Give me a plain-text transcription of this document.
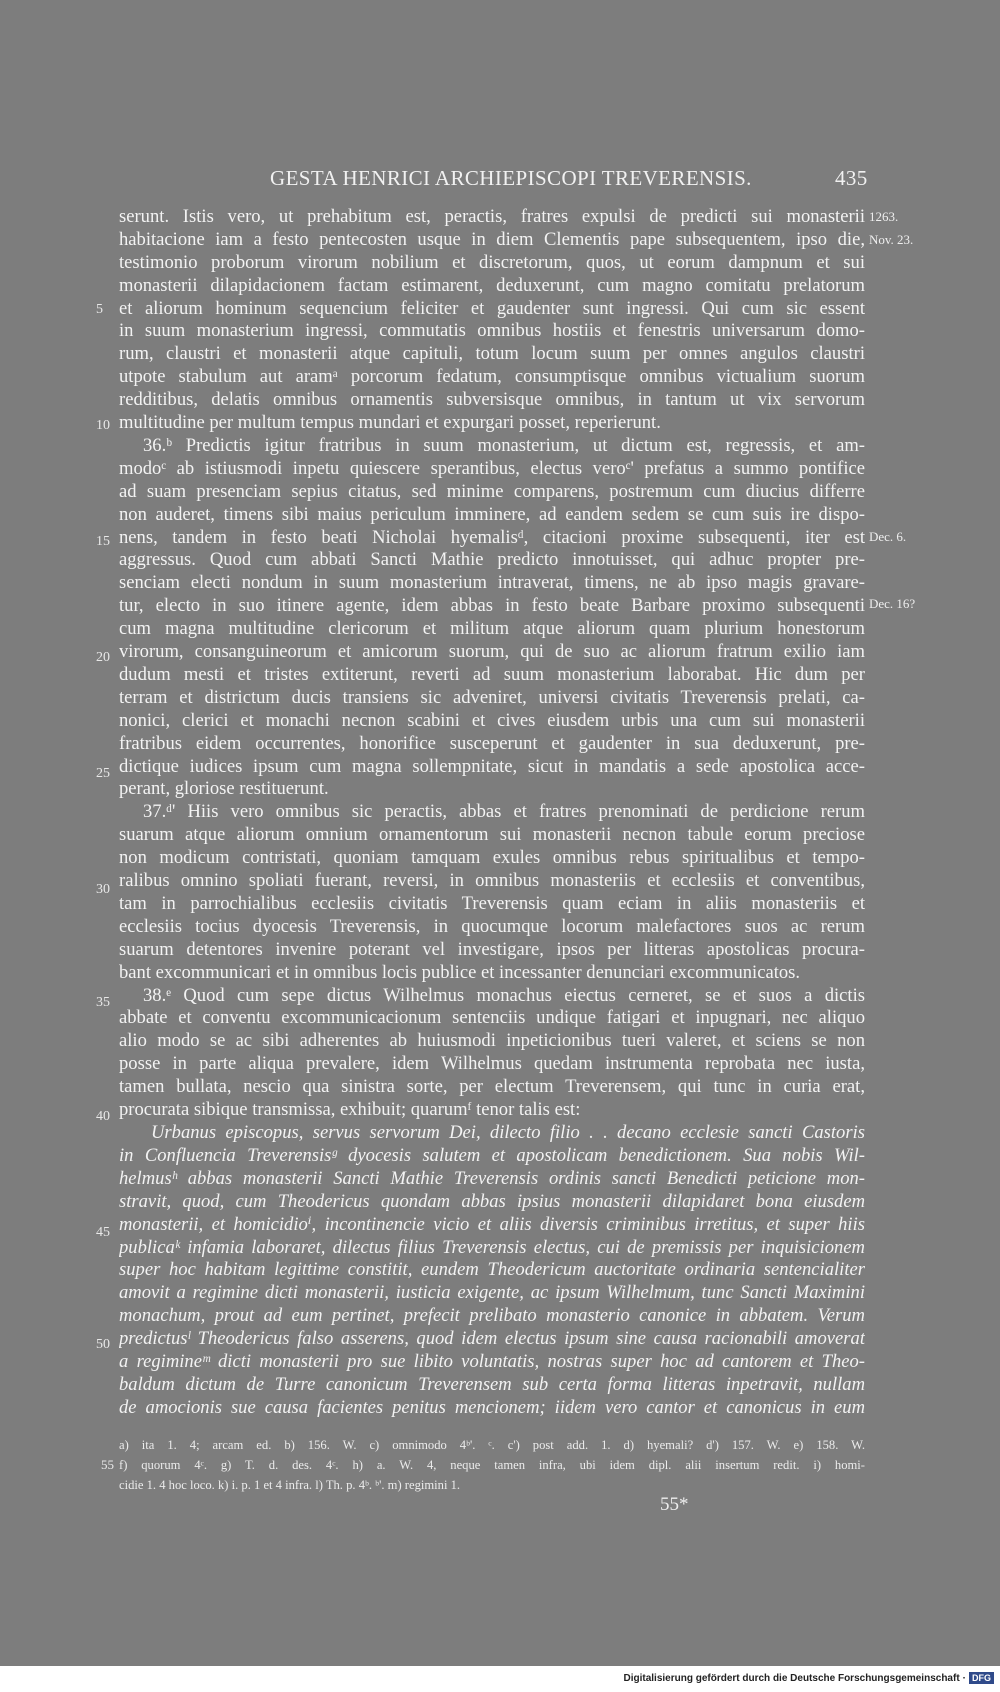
GESTA HENRICI ARCHIEPISCOPI TREVERENSIS.	435
serunt. Istis vero, ut prehabitum est, peractis, fratres expulsi de predicti sui monasterii
habitacione iam a festo pentecosten usque in diem Clementis pape subsequentem, ipso die,
testimonio proborum virorum nobilium et discretorum, quos, ut eorum dampnum et sui
monasterii dilapidacionem factam estimarent, deduxerunt, cum magno comitatu prelatorum
et aliorum hominum sequencium feliciter et gaudenter sunt ingressi. Qui cum sic essent
in suum monasterium ingressi, commutatis omnibus hostiis et fenestris universarum domo-
rum, claustri et monasterii atque capituli, totum locum suum per omnes angulos claustri
utpote stabulum aut aramᵃ porcorum fedatum, consumptisque omnibus victualium suorum
redditibus, delatis omnibus ornamentis subversisque omnibus, in tantum ut vix servorum
multitudine per multum tempus mundari et expurgari posset, reperierunt.
36.ᵇ Predictis igitur fratribus in suum monasterium, ut dictum est, regressis, et am-
modoᶜ ab istiusmodi inpetu quiescere sperantibus, electus veroᶜ' prefatus a summo pontifice
ad suam presenciam sepius citatus, sed minime comparens, postremum cum diucius differre
non auderet, timens sibi maius periculum imminere, ad eandem sedem se cum suis ire dispo-
nens, tandem in festo beati Nicholai hyemalisᵈ, citacioni proxime subsequenti, iter est
aggressus. Quod cum abbati Sancti Mathie predicto innotuisset, qui adhuc propter pre-
senciam electi nondum in suum monasterium intraverat, timens, ne ab ipso magis gravare-
tur, electo in suo itinere agente, idem abbas in festo beate Barbare proximo subsequenti
cum magna multitudine clericorum et militum atque aliorum quam plurium honestorum
virorum, consanguineorum et amicorum suorum, qui de suo ac aliorum fratrum exilio iam
dudum mesti et tristes extiterunt, reverti ad suum monasterium laborabat. Hic dum per
terram et districtum ducis transiens sic adveniret, universi civitatis Treverensis prelati, ca-
nonici, clerici et monachi necnon scabini et cives eiusdem urbis una cum sui monasterii
fratribus eidem occurrentes, honorifice susceperunt et gaudenter in sua deduxerunt, pre-
dictique iudices ipsum cum magna sollempnitate, sicut in mandatis a sede apostolica acce-
perant, gloriose restituerunt.
37.ᵈ' Hiis vero omnibus sic peractis, abbas et fratres prenominati de perdicione rerum
suarum atque aliorum omnium ornamentorum sui monasterii necnon tabule eorum preciose
non modicum contristati, quoniam tamquam exules omnibus rebus spiritualibus et tempo-
ralibus omnino spoliati fuerant, reversi, in omnibus monasteriis et ecclesiis et conventibus,
tam in parrochialibus ecclesiis civitatis Treverensis quam eciam in aliis monasteriis et
ecclesiis tocius dyocesis Treverensis, in quocumque locorum malefactores suos ac rerum
suarum detentores invenire poterant vel investigare, ipsos per litteras apostolicas procura-
bant excommunicari et in omnibus locis publice et incessanter denunciari excommunicatos.
38.ᵉ Quod cum sepe dictus Wilhelmus monachus eiectus cerneret, se et suos a dictis
abbate et conventu excommunicacionum sentenciis undique fatigari et inpugnari, nec aliquo
alio modo se ac sibi adherentes ab huiusmodi inpeticionibus tueri valeret, et sciens se non
posse in parte aliqua prevalere, idem Wilhelmus quedam instrumenta reprobata nec iusta,
tamen bullata, nescio qua sinistra sorte, per electum Treverensem, qui tunc in curia erat,
procurata sibique transmissa, exhibuit; quarumᶠ tenor talis est:
Urbanus episcopus, servus servorum Dei, dilecto filio . . decano ecclesie sancti Castoris
in Confluencia Treverensisᵍ dyocesis salutem et apostolicam benedictionem. Sua nobis Wil-
helmusʰ abbas monasterii Sancti Mathie Treverensis ordinis sancti Benedicti peticione mon-
stravit, quod, cum Theodericus quondam abbas ipsius monasterii dilapidaret bona eiusdem
monasterii, et homicidioⁱ, incontinencie vicio et aliis diversis criminibus irretitus, et super hiis
publicaᵏ infamia laboraret, dilectus filius Treverensis electus, cui de premissis per inquisicionem
super hoc habitam legittime constitit, eundem Theodericum auctoritate ordinaria sentencialiter
amovit a regimine dicti monasterii, iusticia exigente, ac ipsum Wilhelmum, tunc Sancti Maximini
monachum, prout ad eum pertinet, prefecit prelibato monasterio canonice in abbatem. Verum
predictusˡ Theodericus falso asserens, quod idem electus ipsum sine causa racionabili amoverat
a regimineᵐ dicti monasterii pro sue libito voluntatis, nostras super hoc ad cantorem et Theo-
baldum dictum de Turre canonicum Treverensem sub certa forma litteras inpetravit, nullam
de amocionis sue causa facientes penitus mencionem; iidem vero cantor et canonicus in eum
5
10
15
20
25
30
35
40
45
50
1263.
Nov. 23.
Dec. 6.
Dec. 16?
a) ita 1. 4; arcam ed. b) 156. W. c) omnimodo 4ᵇ'. ᶜ. c') post add. 1. d) hyemali? d') 157. W. e) 158. W.
f) quorum 4ᶜ. g) T. d. des. 4ᶜ. h) a. W. 4, neque tamen infra, ubi idem dipl. alii insertum redit. i) homi-
cidie 1. 4 hoc loco. k) i. p. 1 et 4 infra. l) Th. p. 4ᵇ. ᵇ'. m) regimini 1.
55
55*
Digitalisierung gefördert durch die Deutsche Forschungsgemeinschaft · DFG
